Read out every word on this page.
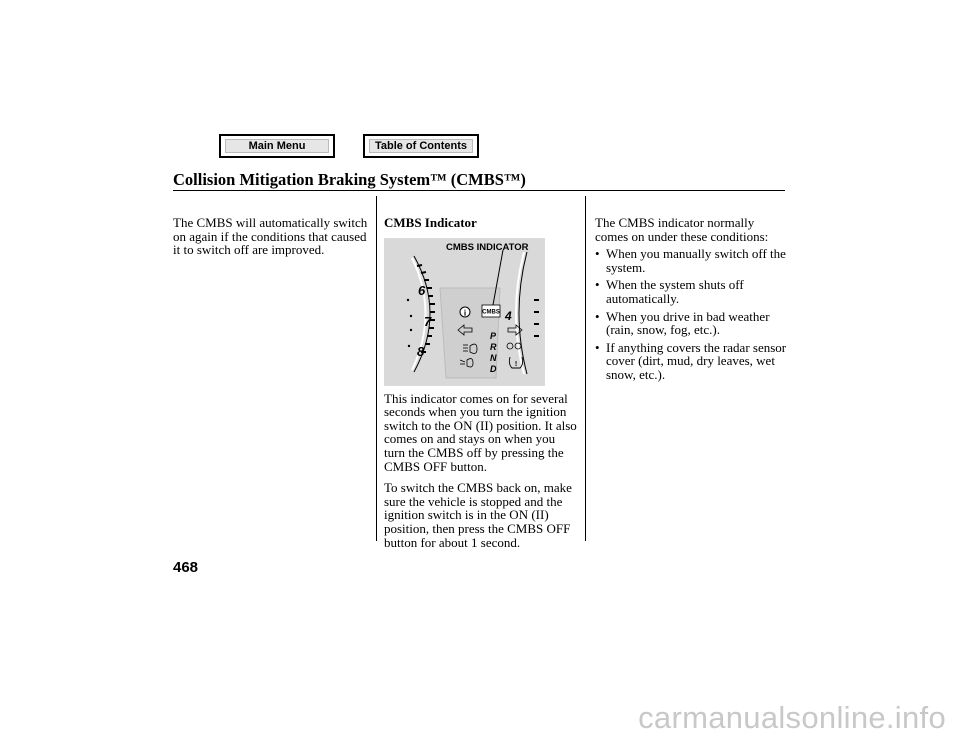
Main Menu	Table of Contents
Collision Mitigation Braking System™ (CMBS™)

The CMBS will automatically switch on again if the conditions that caused it to switch off are improved.

CMBS Indicator

6
7
8
i	CMBS 4
P
R
N
D	!
CMBS INDICATOR

This indicator comes on for several seconds when you turn the ignition switch to the ON (II) position. It also comes on and stays on when you turn the CMBS off by pressing the CMBS OFF button.

To switch the CMBS back on, make sure the vehicle is stopped and the ignition switch is in the ON (II) position, then press the CMBS OFF button for about 1 second.

The CMBS indicator normally comes on under these conditions:

• When you manually switch off the system.
• When the system shuts off automatically.
• When you drive in bad weather (rain, snow, fog, etc.).
• If anything covers the radar sensor cover (dirt, mud, dry leaves, wet snow, etc.).
468
carmanualsonline.info
